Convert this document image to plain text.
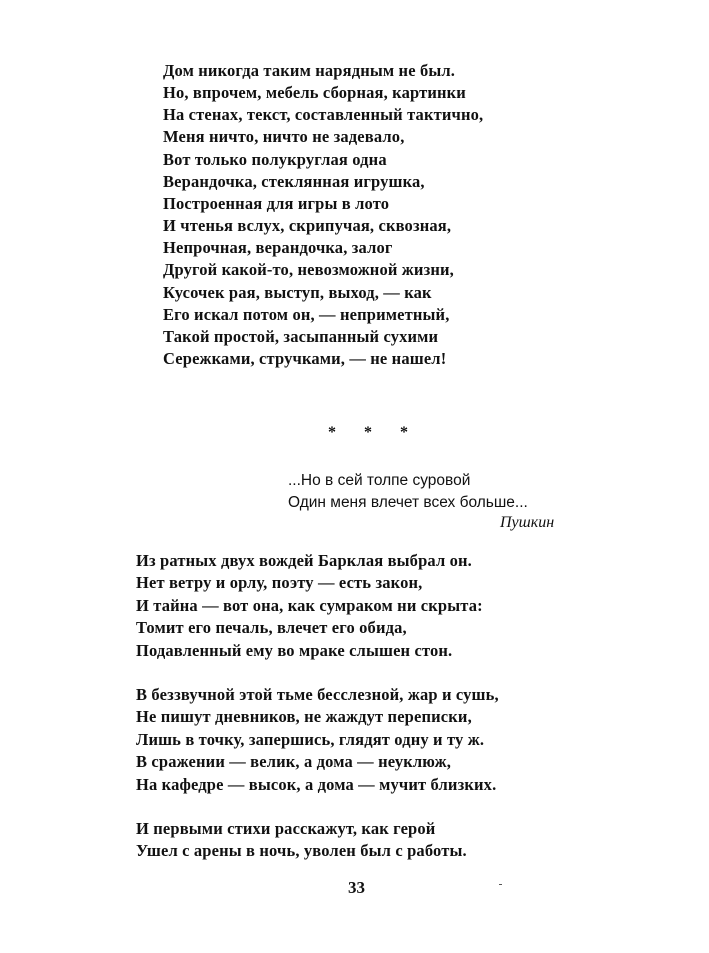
Дом никогда таким нарядным не был.
Но, впрочем, мебель сборная, картинки
На стенах, текст, составленный тактично,
Меня ничто, ничто не задевало,
Вот только полукруглая одна
Верандочка, стеклянная игрушка,
Построенная для игры в лото
И чтенья вслух, скрипучая, сквозная,
Непрочная, верандочка, залог
Другой какой-то, невозможной жизни,
Кусочек рая, выступ, выход, — как
Его искал потом он, — неприметный,
Такой простой, засыпанный сухими
Сережками, стручками, — не нашел!
* * *
...Но в сей толпе суровой
Один меня влечет всех больше...
Пушкин
Из ратных двух вождей Барклая выбрал он.
Нет ветру и орлу, поэту — есть закон,
И тайна — вот она, как сумраком ни скрыта:
Томит его печаль, влечет его обида,
Подавленный ему во мраке слышен стон.
В беззвучной этой тьме бесслезной, жар и сушь,
Не пишут дневников, не жаждут переписки,
Лишь в точку, запершись, глядят одну и ту ж.
В сражении — велик, а дома — неуклюж,
На кафедре — высок, а дома — мучит близких.
И первыми стихи расскажут, как герой
Ушел с арены в ночь, уволен был с работы.
33
